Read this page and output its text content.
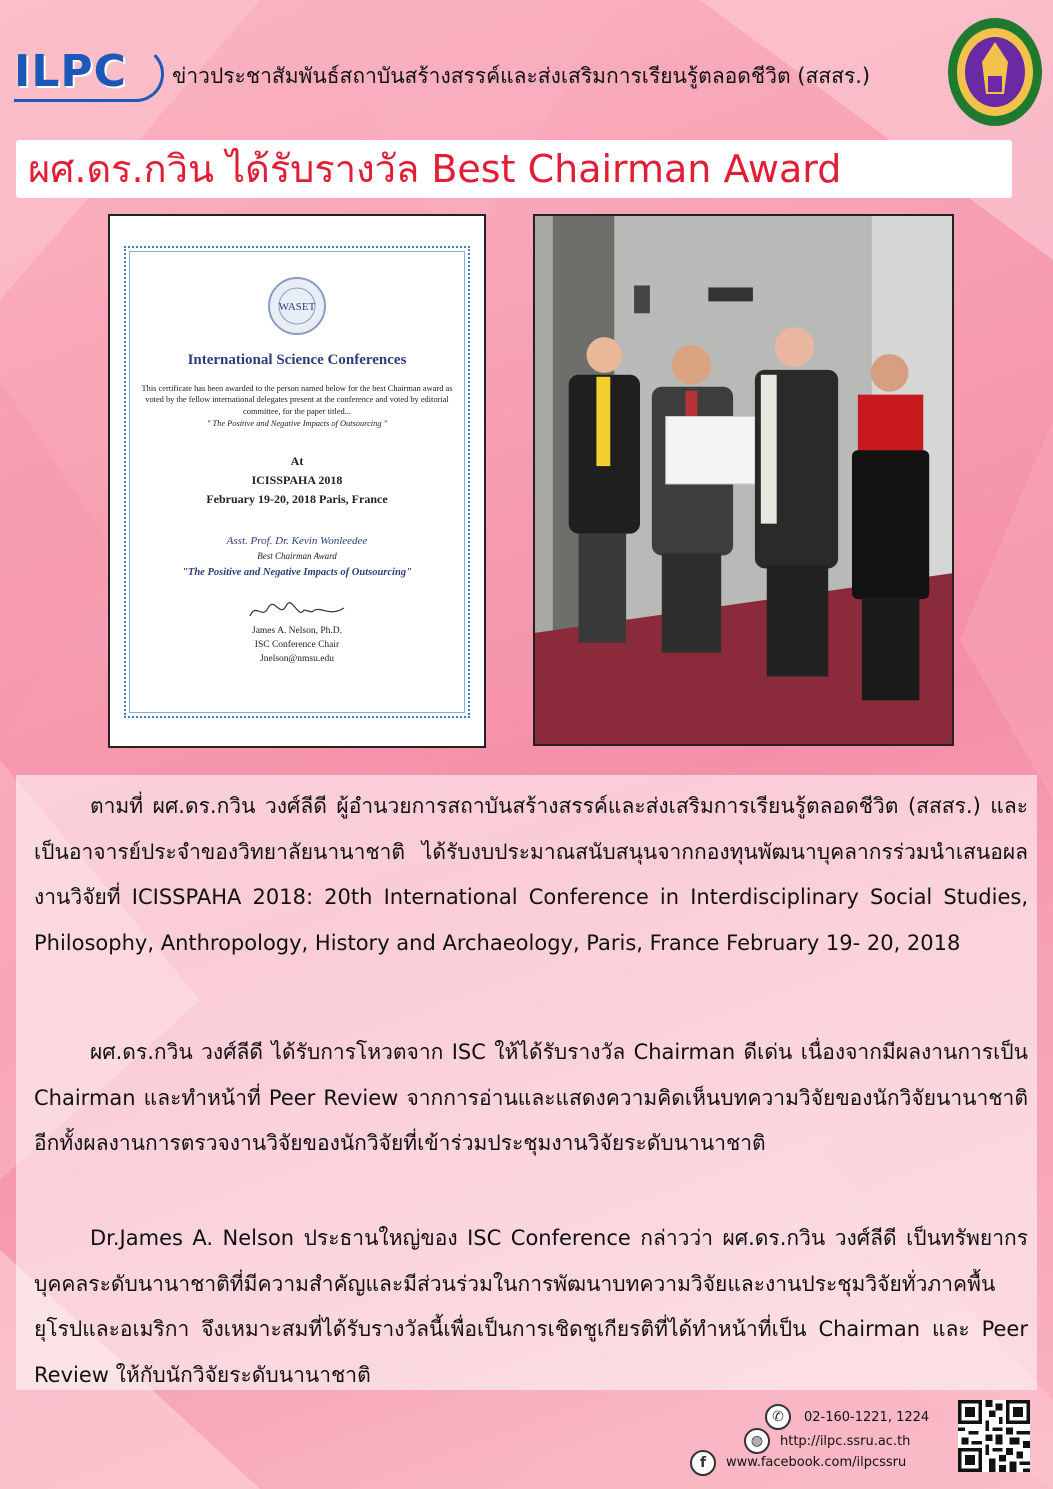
ILPC	ข่าวประชาสัมพันธ์สถาบันสร้างสรรค์และส่งเสริมการเรียนรู้ตลอดชีวิต (สสสร.)
ผศ.ดร.กวิน ได้รับรางวัล Best Chairman Award
WASET
International Science Conferences
This certificate has been awarded to the person named below for the best Chairman award as voted by the fellow international delegates present at the conference and voted by editorial committee, for the paper titled...
" The Positive and Negative Impacts of Outsourcing "
At
ICISSPAHA 2018
February 19-20, 2018 Paris, France
Asst. Prof. Dr. Kevin Wonleedee
Best Chairman Award
"The Positive and Negative Impacts of Outsourcing"
James A. Nelson, Ph.D.
ISC Conference Chair
Jnelson@nmsu.edu

ตามที่ ผศ.ดร.กวิน วงศ์ลีดี ผู้อำนวยการสถาบันสร้างสรรค์และส่งเสริมการเรียนรู้ตลอดชีวิต (สสสร.) และเป็นอาจารย์ประจำของวิทยาลัยนานาชาติ ได้รับงบประมาณสนับสนุนจากกองทุนพัฒนาบุคลากรร่วมนำเสนอผลงานวิจัยที่ ICISSPAHA 2018: 20th International Conference in Interdisciplinary Social Studies, Philosophy, Anthropology, History and Archaeology, Paris, France February 19- 20, 2018

ผศ.ดร.กวิน วงศ์ลีดี ได้รับการโหวตจาก ISC ให้ได้รับรางวัล Chairman ดีเด่น เนื่องจากมีผลงานการเป็น Chairman และทำหน้าที่ Peer Review จากการอ่านและแสดงความคิดเห็นบทความวิจัยของนักวิจัยนานาชาติ อีกทั้งผลงานการตรวจงานวิจัยของนักวิจัยที่เข้าร่วมประชุมงานวิจัยระดับนานาชาติ

Dr.James A. Nelson ประธานใหญ่ของ ISC Conference กล่าวว่า ผศ.ดร.กวิน วงศ์ลีดี เป็นทรัพยากรบุคคลระดับนานาชาติที่มีความสำคัญและมีส่วนร่วมในการพัฒนาบทความวิจัยและงานประชุมวิจัยทั่วภาคพื้นยุโรปและอเมริกา จึงเหมาะสมที่ได้รับรางวัลนี้เพื่อเป็นการเชิดชูเกียรติที่ได้ทำหน้าที่เป็น Chairman และ Peer Review ให้กับนักวิจัยระดับนานาชาติ

✆	02-160-1221, 1224
◍	http://ilpc.ssru.ac.th
f	www.facebook.com/ilpcssru
